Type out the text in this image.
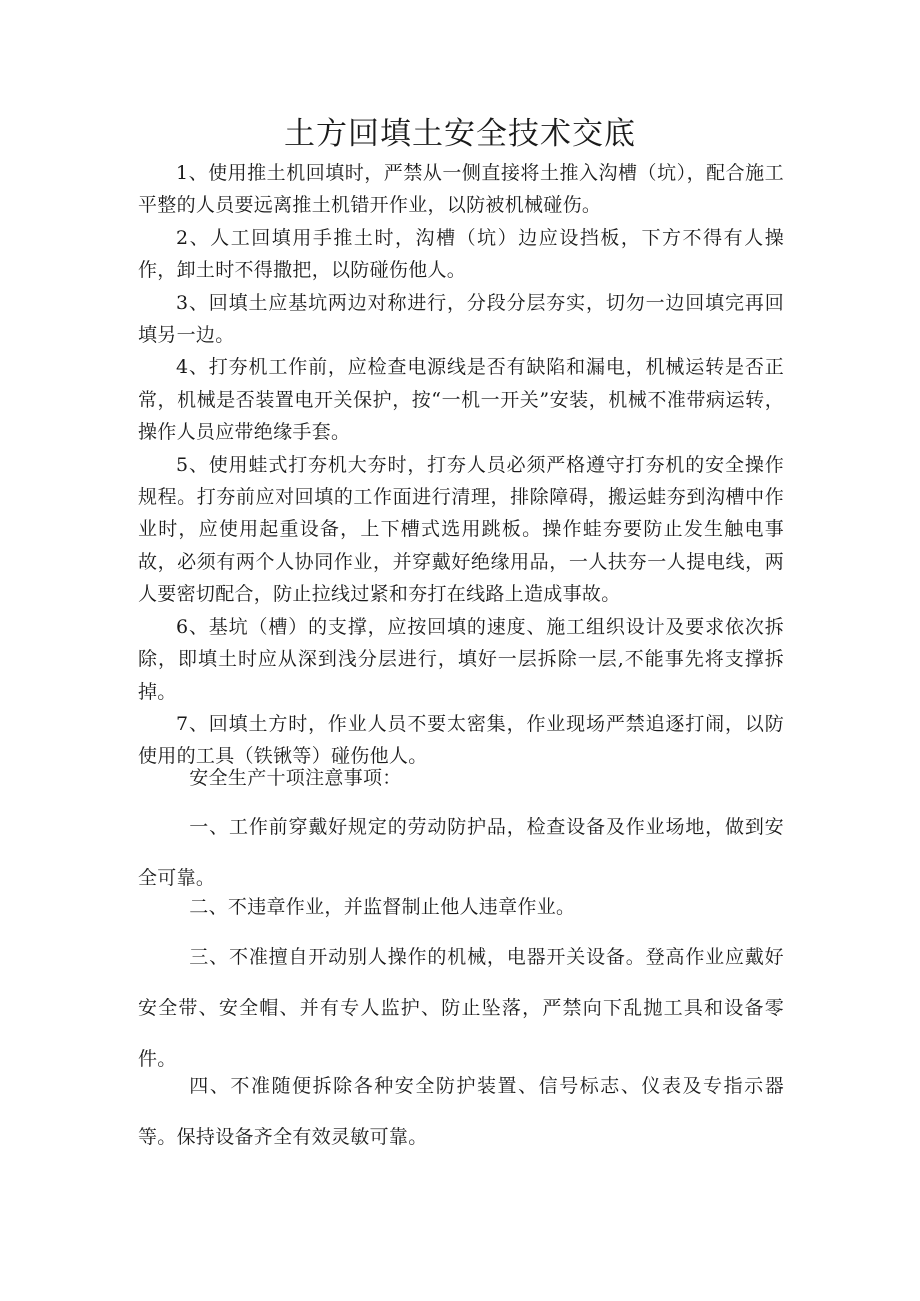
土方回填土安全技术交底

1、使用推土机回填时，严禁从一侧直接将土推入沟槽（坑），配合施工平整的人员要远离推土机错开作业，以防被机械碰伤。

2、人工回填用手推土时，沟槽（坑）边应设挡板，下方不得有人操作，卸土时不得撒把，以防碰伤他人。

3、回填土应基坑两边对称进行，分段分层夯实，切勿一边回填完再回填另一边。

4、打夯机工作前，应检查电源线是否有缺陷和漏电，机械运转是否正常，机械是否装置电开关保护，按“一机一开关”安装，机械不准带病运转，操作人员应带绝缘手套。

5、使用蛙式打夯机大夯时，打夯人员必须严格遵守打夯机的安全操作规程。打夯前应对回填的工作面进行清理，排除障碍，搬运蛙夯到沟槽中作业时，应使用起重设备，上下槽式选用跳板。操作蛙夯要防止发生触电事故，必须有两个人协同作业，并穿戴好绝缘用品，一人扶夯一人提电线，两人要密切配合，防止拉线过紧和夯打在线路上造成事故。

6、基坑（槽）的支撑，应按回填的速度、施工组织设计及要求依次拆除，即填土时应从深到浅分层进行，填好一层拆除一层,不能事先将支撑拆掉。

7、回填土方时，作业人员不要太密集，作业现场严禁追逐打闹，以防使用的工具（铁锹等）碰伤他人。

安全生产十项注意事项：

一、工作前穿戴好规定的劳动防护品，检查设备及作业场地，做到安全可靠。

二、不违章作业，并监督制止他人违章作业。

三、不准擅自开动别人操作的机械，电器开关设备。登高作业应戴好安全带、安全帽、并有专人监护、防止坠落，严禁向下乱抛工具和设备零件。

四、不准随便拆除各种安全防护装置、信号标志、仪表及专指示器等。保持设备齐全有效灵敏可靠。
